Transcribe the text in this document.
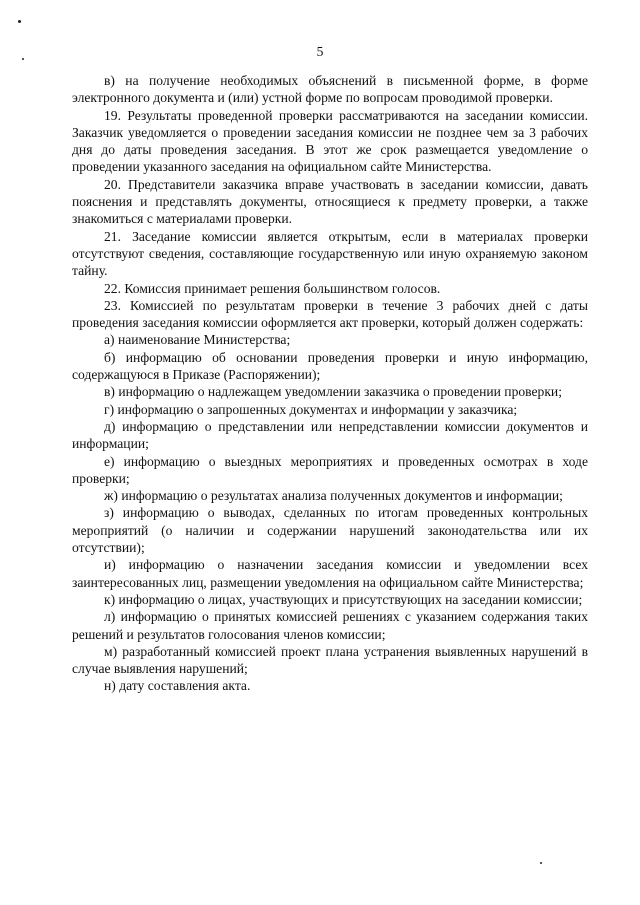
5

в) на получение необходимых объяснений в письменной форме, в форме электронного документа и (или) устной форме по вопросам проводимой проверки.

19. Результаты проведенной проверки рассматриваются на заседании комиссии. Заказчик уведомляется о проведении заседания комиссии не позднее чем за 3 рабочих дня до даты проведения заседания. В этот же срок размещается уведомление о проведении указанного заседания на официальном сайте Министерства.

20. Представители заказчика вправе участвовать в заседании комиссии, давать пояснения и представлять документы, относящиеся к предмету проверки, а также знакомиться с материалами проверки.

21. Заседание комиссии является открытым, если в материалах проверки отсутствуют сведения, составляющие государственную или иную охраняемую законом тайну.

22. Комиссия принимает решения большинством голосов.

23. Комиссией по результатам проверки в течение 3 рабочих дней с даты проведения заседания комиссии оформляется акт проверки, который должен содержать:

а) наименование Министерства;

б) информацию об основании проведения проверки и иную информацию, содержащуюся в Приказе (Распоряжении);

в) информацию о надлежащем уведомлении заказчика о проведении проверки;

г) информацию о запрошенных документах и информации у заказчика;

д) информацию о представлении или непредставлении комиссии документов и информации;

е) информацию о выездных мероприятиях и проведенных осмотрах в ходе проверки;

ж) информацию о результатах анализа полученных документов и информации;

з) информацию о выводах, сделанных по итогам проведенных контрольных мероприятий (о наличии и содержании нарушений законодательства или их отсутствии);

и) информацию о назначении заседания комиссии и уведомлении всех заинтересованных лиц, размещении уведомления на официальном сайте Министерства;

к) информацию о лицах, участвующих и присутствующих на заседании комиссии;

л) информацию о принятых комиссией решениях с указанием содержания таких решений и результатов голосования членов комиссии;

м) разработанный комиссией проект плана устранения выявленных нарушений в случае выявления нарушений;

н) дату составления акта.
